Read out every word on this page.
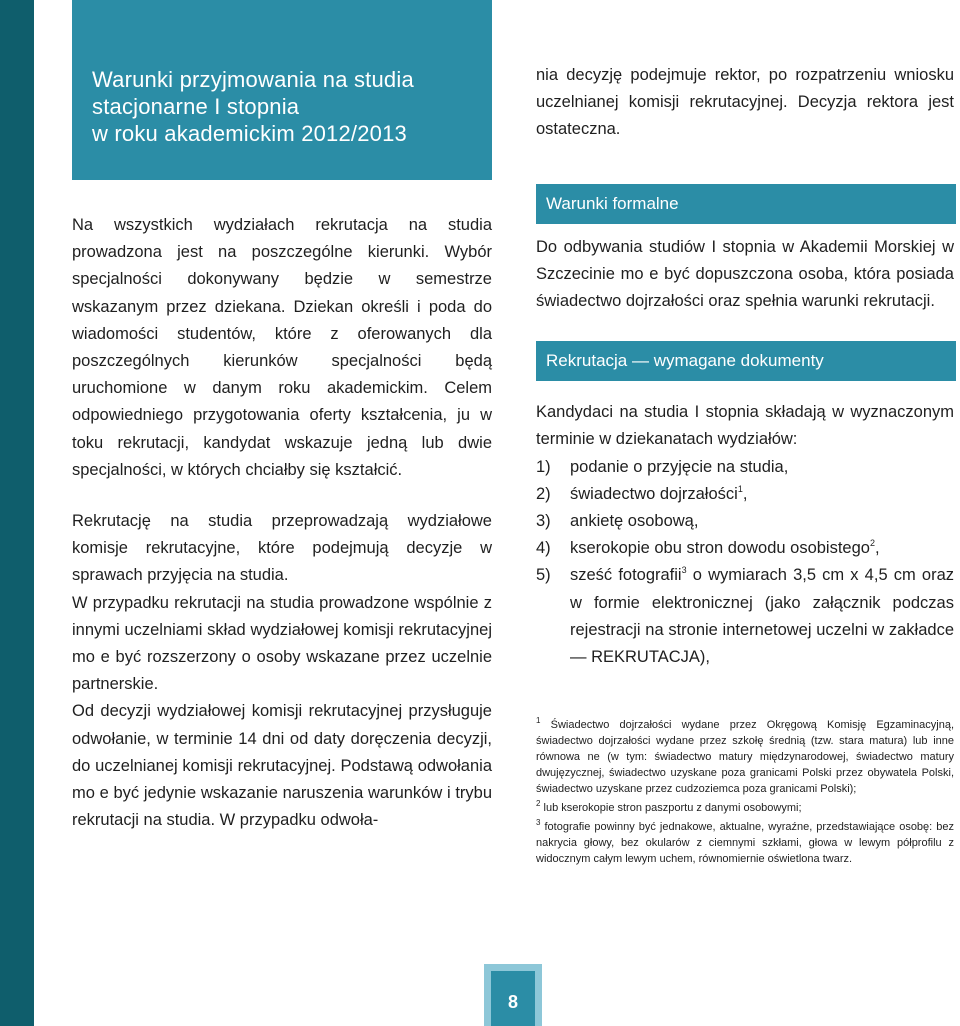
Warunki przyjmowania na studia
stacjonarne I stopnia
w roku akademickim 2012/2013

Na wszystkich wydziałach rekrutacja na studia prowadzona jest na poszczególne kierunki. Wybór specjalności dokonywany będzie w semestrze wskazanym przez dziekana. Dziekan określi i poda do wiadomości studentów, które z oferowanych dla poszczególnych kierunków specjalności będą uruchomione w danym roku akademickim. Celem odpowiedniego przygotowania oferty kształcenia, ju w toku rekrutacji, kandydat wskazuje jedną lub dwie specjalności, w których chciałby się kształcić.

Rekrutację na studia przeprowadzają wydziałowe komisje rekrutacyjne, które podejmują decyzje w sprawach przyjęcia na studia.

W przypadku rekrutacji na studia prowadzone wspólnie z innymi uczelniami skład wydziałowej komisji rekrutacyjnej mo e być rozszerzony o osoby wskazane przez uczelnie partnerskie.

Od decyzji wydziałowej komisji rekrutacyjnej przysługuje odwołanie, w terminie 14 dni od daty doręczenia decyzji, do uczelnianej komisji rekrutacyjnej. Podstawą odwołania mo e być jedynie wskazanie naruszenia warunków i trybu rekrutacji na studia. W przypadku odwoła-

nia decyzję podejmuje rektor, po rozpatrzeniu wniosku uczelnianej komisji rekrutacyjnej. Decyzja rektora jest ostateczna.

Warunki formalne

Do odbywania studiów I stopnia w Akademii Morskiej w Szczecinie mo e być dopuszczona osoba, która posiada świadectwo dojrzałości oraz spełnia warunki rekrutacji.

Rekrutacja — wymagane dokumenty

Kandydaci na studia I stopnia składają w wyznaczonym terminie w dziekanatach wydziałów:

1)	podanie o przyjęcie na studia,
2)	świadectwo dojrzałości$^1$,
3)	ankietę osobową,
4)	kserokopie obu stron dowodu osobistego$^2$,
5)	sześć fotografii$^3$ o wymiarach 3,5 cm x 4,5 cm oraz w formie elektronicznej (jako załącznik podczas rejestracji na stronie internetowej uczelni w zakładce — REKRUTACJA),

$^1$ Świadectwo dojrzałości wydane przez Okręgową Komisję Egzaminacyjną, świadectwo dojrzałości wydane przez szkołę średnią (tzw. stara matura) lub inne równowa ne (w tym: świadectwo matury międzynarodowej, świadectwo matury dwujęzycznej, świadectwo uzyskane poza granicami Polski przez obywatela Polski, świadectwo uzyskane przez cudzoziemca poza granicami Polski);

$^2$ lub kserokopie stron paszportu z danymi osobowymi;

$^3$ fotografie powinny być jednakowe, aktualne, wyraźne, przedstawiające osobę: bez nakrycia głowy, bez okularów z ciemnymi szkłami, głowa w lewym półprofilu z widocznym całym lewym uchem, równomiernie oświetlona twarz.

8
